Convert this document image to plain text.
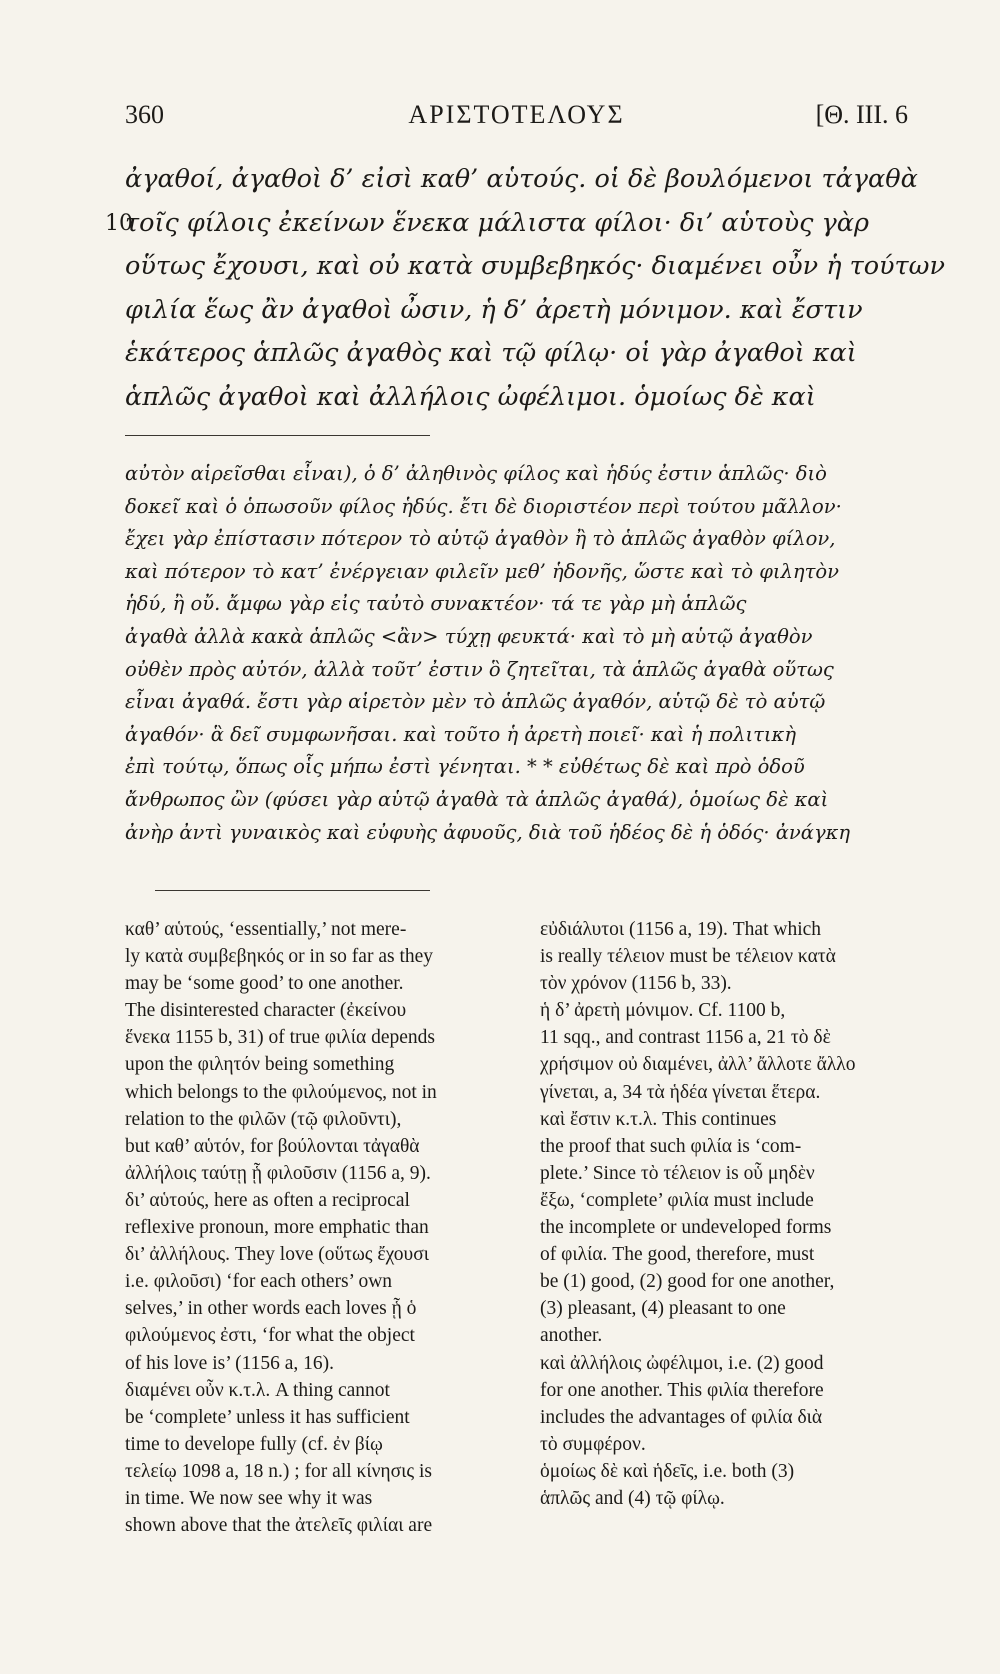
360	ΑΡΙΣΤΟΤΕΛΟΥΣ	[Θ. III. 6
ἀγαθοί, ἀγαθοὶ δ’ εἰσὶ καθ’ αὑτούς. οἱ δὲ βουλόμενοι τἀγαθὰ
10
τοῖς φίλοις ἐκείνων ἕνεκα μάλιστα φίλοι· δι’ αὑτοὺς γὰρ
οὕτως ἔχουσι, καὶ οὐ κατὰ συμβεβηκός· διαμένει οὖν ἡ τούτων
φιλία ἕως ἂν ἀγαθοὶ ὦσιν, ἡ δ’ ἀρετὴ μόνιμον. καὶ ἔστιν
ἑκάτερος ἁπλῶς ἀγαθὸς καὶ τῷ φίλῳ· οἱ γὰρ ἀγαθοὶ καὶ
ἁπλῶς ἀγαθοὶ καὶ ἀλλήλοις ὠφέλιμοι. ὁμοίως δὲ καὶ
αὐτὸν αἱρεῖσθαι εἶναι), ὁ δ’ ἀληθινὸς φίλος καὶ ἡδύς ἐστιν ἁπλῶς· διὸ
δοκεῖ καὶ ὁ ὁπωσοῦν φίλος ἡδύς. ἔτι δὲ διοριστέον περὶ τούτου μᾶλλον·
ἔχει γὰρ ἐπίστασιν πότερον τὸ αὑτῷ ἀγαθὸν ἢ τὸ ἁπλῶς ἀγαθὸν φίλον,
καὶ πότερον τὸ κατ’ ἐνέργειαν φιλεῖν μεθ’ ἡδονῆς, ὥστε καὶ τὸ φιλητὸν
ἡδύ, ἢ οὔ. ἄμφω γὰρ εἰς ταὐτὸ συνακτέον· τά τε γὰρ μὴ ἁπλῶς
ἀγαθὰ ἀλλὰ κακὰ ἁπλῶς <ἂν> τύχῃ φευκτά· καὶ τὸ μὴ αὑτῷ ἀγαθὸν
οὐθὲν πρὸς αὐτόν, ἀλλὰ τοῦτ’ ἐστιν ὃ ζητεῖται, τὰ ἁπλῶς ἀγαθὰ οὕτως
εἶναι ἀγαθά. ἔστι γὰρ αἱρετὸν μὲν τὸ ἁπλῶς ἀγαθόν, αὑτῷ δὲ τὸ αὑτῷ
ἀγαθόν· ἃ δεῖ συμφωνῆσαι. καὶ τοῦτο ἡ ἀρετὴ ποιεῖ· καὶ ἡ πολιτικὴ
ἐπὶ τούτῳ, ὅπως οἷς μήπω ἐστὶ γένηται. * * εὐθέτως δὲ καὶ πρὸ ὁδοῦ
ἄνθρωπος ὢν (φύσει γὰρ αὑτῷ ἀγαθὰ τὰ ἁπλῶς ἀγαθά), ὁμοίως δὲ καὶ
ἀνὴρ ἀντὶ γυναικὸς καὶ εὐφυὴς ἀφυοῦς, διὰ τοῦ ἡδέος δὲ ἡ ὁδός· ἀνάγκη
καθ’ αὑτούς, ‘essentially,’ not mere-
ly κατὰ συμβεβηκός or in so far as they
may be ‘some good’ to one another.
The disinterested character (ἐκείνου
ἕνεκα 1155 b, 31) of true φιλία depends
upon the φιλητόν being something
which belongs to the φιλούμενος, not in
relation to the φιλῶν (τῷ φιλοῦντι),
but καθ’ αὑτόν, for βούλονται τἀγαθὰ
ἀλλήλοις ταύτῃ ᾗ φιλοῦσιν (1156 a, 9).
δι’ αὑτούς, here as often a reciprocal
reflexive pronoun, more emphatic than
δι’ ἀλλήλους. They love (οὕτως ἔχουσι
i.e. φιλοῦσι) ‘for each others’ own
selves,’ in other words each loves ᾗ ὁ
φιλούμενος ἐστι, ‘for what the object
of his love is’ (1156 a, 16).
διαμένει οὖν κ.τ.λ. A thing cannot
be ‘complete’ unless it has sufficient
time to develope fully (cf. ἐν βίῳ
τελείῳ 1098 a, 18 n.) ; for all κίνησις is
in time. We now see why it was
shown above that the ἀτελεῖς φιλίαι are
εὐδιάλυτοι (1156 a, 19). That which
is really τέλειον must be τέλειον κατὰ
τὸν χρόνον (1156 b, 33).
ἡ δ’ ἀρετὴ μόνιμον. Cf. 1100 b,
11 sqq., and contrast 1156 a, 21 τὸ δὲ
χρήσιμον οὐ διαμένει, ἀλλ’ ἄλλοτε ἄλλο
γίνεται, a, 34 τὰ ἡδέα γίνεται ἕτερα.
καὶ ἔστιν κ.τ.λ. This continues
the proof that such φιλία is ‘com-
plete.’ Since τὸ τέλειον is οὗ μηδὲν
ἔξω, ‘complete’ φιλία must include
the incomplete or undeveloped forms
of φιλία. The good, therefore, must
be (1) good, (2) good for one another,
(3) pleasant, (4) pleasant to one
another.
καὶ ἀλλήλοις ὠφέλιμοι, i.e. (2) good
for one another. This φιλία therefore
includes the advantages of φιλία διὰ
τὸ συμφέρον.
ὁμοίως δὲ καὶ ἡδεῖς, i.e. both (3)
ἁπλῶς and (4) τῷ φίλῳ.
